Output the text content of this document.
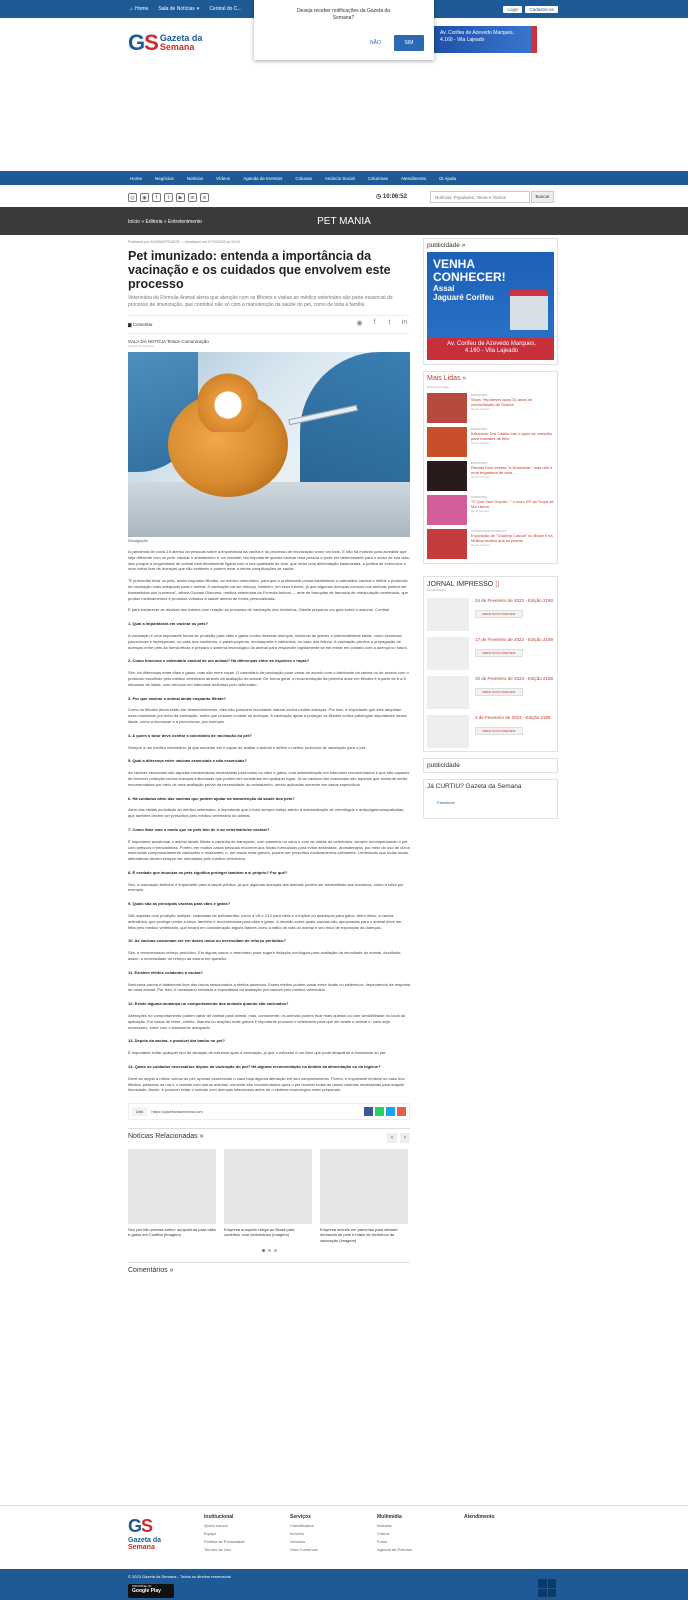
⌂ Home Sala de Notícias ▾ Central do C...	Login	Cadastre-se
Deseja receber notificações da Gazeta da Semana?
NÃO	SIM
GS Gazeta da
Semana
Av. Corifeu de Azevedo Marques,
4.160 - Vila Lajeado
Home	Negócios	Notícias	Vídeos	Agenda de Eventos	Colunas	Anúncio Social	Columnas	Atendimento	Di Ajuda
◎	◉	f	t	▶	in	≋	◷ 10:06:52
Notícias, Populares, Tema e Outros	Buscar
Início » Editoria » Entretenimento	PET MANIA
Publicado por ADMINISTRADOR — Atualizado em 07/04/2023 às 09:00
Pet imunizado: entenda a importância da vacinação e os cuidados que envolvem este processo
Veterinária da Fórmula Animal alerta que atenção com os filhotes e visitas ao médico veterinário são parte essencial do processo de imunização, que contribui não só com a manutenção da saúde do pet, como de toda a família
▆ Comentar	◉	f	t	in
SALA DA NOTÍCIA Textos Comunicação
Gazeta da Semana
Divulgação

A pandemia de covid-19 alertou ao pessoas sobre a importância da vacina e do processo de imunização como um todo. E não há motivos para acreditar que seja diferente com os pets: vacinar o animalzinho é, na verdade, tão importante quanto vacinar uma pessoa e pode ser determinante para o curso de sua vida, isso porque a longevidade de animal está diretamente ligada com a sua qualidade de vida, que inclui uma alimentação balanceada, a prática de exercícios e uma rotina livre de doenças que são evitáveis e podem levar a sérias complicações de saúde.

"É primordial levar os pets, ainda enquanto filhotes, ao médico veterinário, para que o profissional possa estabelecer o calendário vacinal e definir o protocolo de vacinação mais adequado para o animal. A vacinação vai ser esforço, também, em seus tutores, já que algumas doenças comuns nos animais podem ser transmitidas aos humanos", afirma Giovani Giacomo, médica veterinária da Fórmula Animal — rede de franquias de farmácia de manipulação veterinária, que produz medicamentos e produtos voltados à saúde animal de forma personalizada.

E para esclarecer as dúvidas dos tutores com relação ao processo de vacinação dos bichinhos, Giselle preparou um guia sobre o assunto. Confira!

1. Qual a importância em vacinar os pets?

A vacinação é uma importante forma de proteção para cães e gatos contra diversas doenças, incluindo as graves e potencialmente fatais, como cinomose, parvovirose e leptospirose, no caso dos cachorros, e panleucopenia, rinotraqueíte e calicivírus, no caso dos felinos. A vacinação previne a propagação de doenças entre pets da forma eficaz e prepara o sistema imunológico do animal para responder rapidamente se ele entrar em contato com a doença no futuro.

2. Como funciona o calendário vacinal de um animal? Há diferenças entre as espécies e raças?

Sim, há diferenças entre cães e gatos, mas não entre raças. O calendário de vacinação pode variar de acordo com o fabricante da vacina ou de acordo com o protocolo escolhido pelo médico veterinário através da avaliação do animal. De forma geral, a recomendação da primeira dose em filhotes é a partir de 6 a 8 semanas de idade, com reforços em intervalos definidos pelo veterinário.

3. Por que vacinar o animal ainda enquanto filhote?

Como os filhotes ainda estão em desenvolvimento, eles não possuem imunidade natural contra muitas doenças. Por isso, é importante que eles adquiram essa imunidade por meio da vacinação, antes que possam contrair as doenças. A vacinação ajuda a proteger os filhotes contra patologias importantes nessa idade, como a cinomose e a parvovirose, por exemplo.

4. A quem o tutor deve confiar o calendário de vacinação do pet?

Sempre a um médico veterinário, já que somente ele é capaz de avaliar o animal e definir o melhor protocolo de vacinação para o pet.

5. Qual a diferença entre vacinas essenciais e não essenciais?

As vacinas essenciais são aquelas consideradas necessárias para todos os cães e gatos, com administração em intervalos recomendados e que são capazes de fornecer proteção contra doenças infecciosas que podem ser contraídas em qualquer lugar. Já as vacinas não essenciais são aquelas que somente serão recomendadas por meio de uma avaliação prévia da necessidade do animalzinho, sendo aplicadas somente em casos específicos.

6. Há cuidados além das vacinas que podem ajudar na manutenção da saúde dos pets?

Além das visitas periódicas ao médico veterinário, é importante que o tutor sempre esteja atento à administração de vermífugos e antipulgas/carrapaticidas, que também devem ser prescritos pelo médico veterinário do animal.

7. Como lidar com o medo que os pets têm de ir ao veterinário/se vacinar?

É importante acostumar o animal desde filhote à caminha de transporte, com passeios no carro e com as visitas ao veterinário, sempre recompensando o pet com petiscos e brincadeiras. Porém, em muitos casos pessoas recorrem aos florais formulados para evitar ansiedade, aromaterapia, por meio do uso de óleos essenciais comprovadamente calmantes e relaxantes, e, em casos mais graves, podem ser prescritos medicamentos calmantes. Lembrando que todas essas alternativas devem sempre ser orientadas pelo médico veterinário.

8. É verdade que imunizar os pets significa proteger também a si próprio? Por quê?

Sim, a vacinação também é importante para a saúde pública, já que algumas doenças dos animais podem ser transmitidas aos humanos, como a raiva por exemplo.

9. Quais são as principais vacinas para cães e gatos?

São aquelas com proteção múltipla, chamadas de polivalentes, como a V8 e V10 para cães e a tríplice ou quádrupla para gatos. Além disso, a vacina antirrábica, que protege contra a raiva, também é recomendada para cães e gatos. A decisão sobre quais vacinas são apropriadas para o animal deve ser feita pelo médico veterinário, que levará em consideração alguns fatores como a estilo de vida do animal e seu risco de exposição às doenças.

10. As vacinas costumam ser em doses única ou necessitam de reforço periódico?

Sim, é recomendado reforço periódico. Em alguns casos o veterinário pode sugerir titulação sorológica para avaliação da imunidade do animal, decidindo, assim, a necessidade do reforço da vacina em questão.

11. Existem efeitos colaterais à vacina?

Nenhuma vacina é totalmente livre dos riscos relacionados a efeitos adversos. Esses efeitos podem variar entre locais ou sistêmicos, dependendo da resposta de cada animal. Por isso, é necessário enfatizar a importância da avaliação pré-vacinal pelo médico veterinário.

12. Existe alguma mudança no comportamento dos animais quando são vacinados?

Alterações no comportamento podem variar de animal para animal, mas, comumente, os animais podem ficar mais quietos ou com sensibilidade no local da aplicação. Em casos de febre, vômito, diarreia ou reações mais graves é importante procurar o veterinário para que ele avalie o animal e, caso seja necessário, entre com o tratamento adequado.

13. Depois da vacina, é possível dar banho no pet?

É importante evitar qualquer tipo de situação de estresse após a vacinação, já que o estresse é um fator que pode atrapalhar a imunidade do pet.

14. Quais os cuidados necessários depois da vacinação do pet? Há alguma recomendação no âmbito da alimentação ou da higiene?

Deve-se seguir a rotina normal do pet, apenas observando o caso haja alguma alteração em seu comportamento. Porém, é importante lembrar no caso dos filhotes, passeios na rua e o contato com outros animais, somente são recomendados após o pet receber todas as doses vacinais necessárias para adquirir imunidade. Assim, é possível evitar o contato com doenças infecciosas antes de o sistema imunológico estar preparado.

Link	https://gazetadasemana.com
Notícias Relacionadas »	‹	›
Seu pet não precisa sofrer: acupuntura para cães e gatos em Curitiba (Imagem)
Empresa europeia chega ao Brasil para contribuir com veterinários (Imagem)
Empresa investe em parcerias para atender demanda de pets e mães de bichinhos da vacinação (Imagem)
Comentários »
publicidade »
VENHA
CONHECER!
Assaí
Jaguaré Corifeu
Av. Corifeu de Azevedo Marques,
4.160 - Vila Lajeado
Mais Lidas »
Notícias de Hoje
ESPORTES
Show "Hipóteses após 01 anos de reconciliação de Gracce
há 11 minutos
ESPORTES
Influencer Dra Casillo traz o após de consulta para mamães de filho
há 11 minutos
ESPORTES
Renata Dolo estreia "A Dramante", mas não é uma brigadeira de ama...
há 11 minutos
ESPORTES
"O Que Vem Depois..." o novo EP da Tropa de Ma Lãnha
há 11 minutos
TECNOLOGIA E CIÊNCIA
Exposição de "Cowboy Casual" no Brasil é na Música mostra que os jovens
há 11 minutos
JORNAL IMPRESSO ▯
Versão Digital
24 de Fevereiro de 2023 - Edição 2190
ABRIR NOVO PREVIEW
17 de Fevereiro de 2023 - Edição 2189
ABRIR NOVO PREVIEW
10 de Fevereiro de 2023 - Edição 2188
ABRIR NOVO PREVIEW
3 de Fevereiro de 2023 - Edição 2188
ABRIR NOVO PREVIEW
publicidade
Já CURTIU? Gazeta da Semana
Facebook
GS
Gazeta da
Semana
Institucional
Quem somos
Equipe
Política de Privacidade
Termos de Uso
Serviços
Classificados
Imóveis
Veículos
Guia Comercial
Multimídia
Notícias
Vídeos
Fotos
Agenda de Eventos
Atendimento
© 2023 Gazeta da Semana - Todos os direitos reservados
DISPONÍVEL NO
Google Play
